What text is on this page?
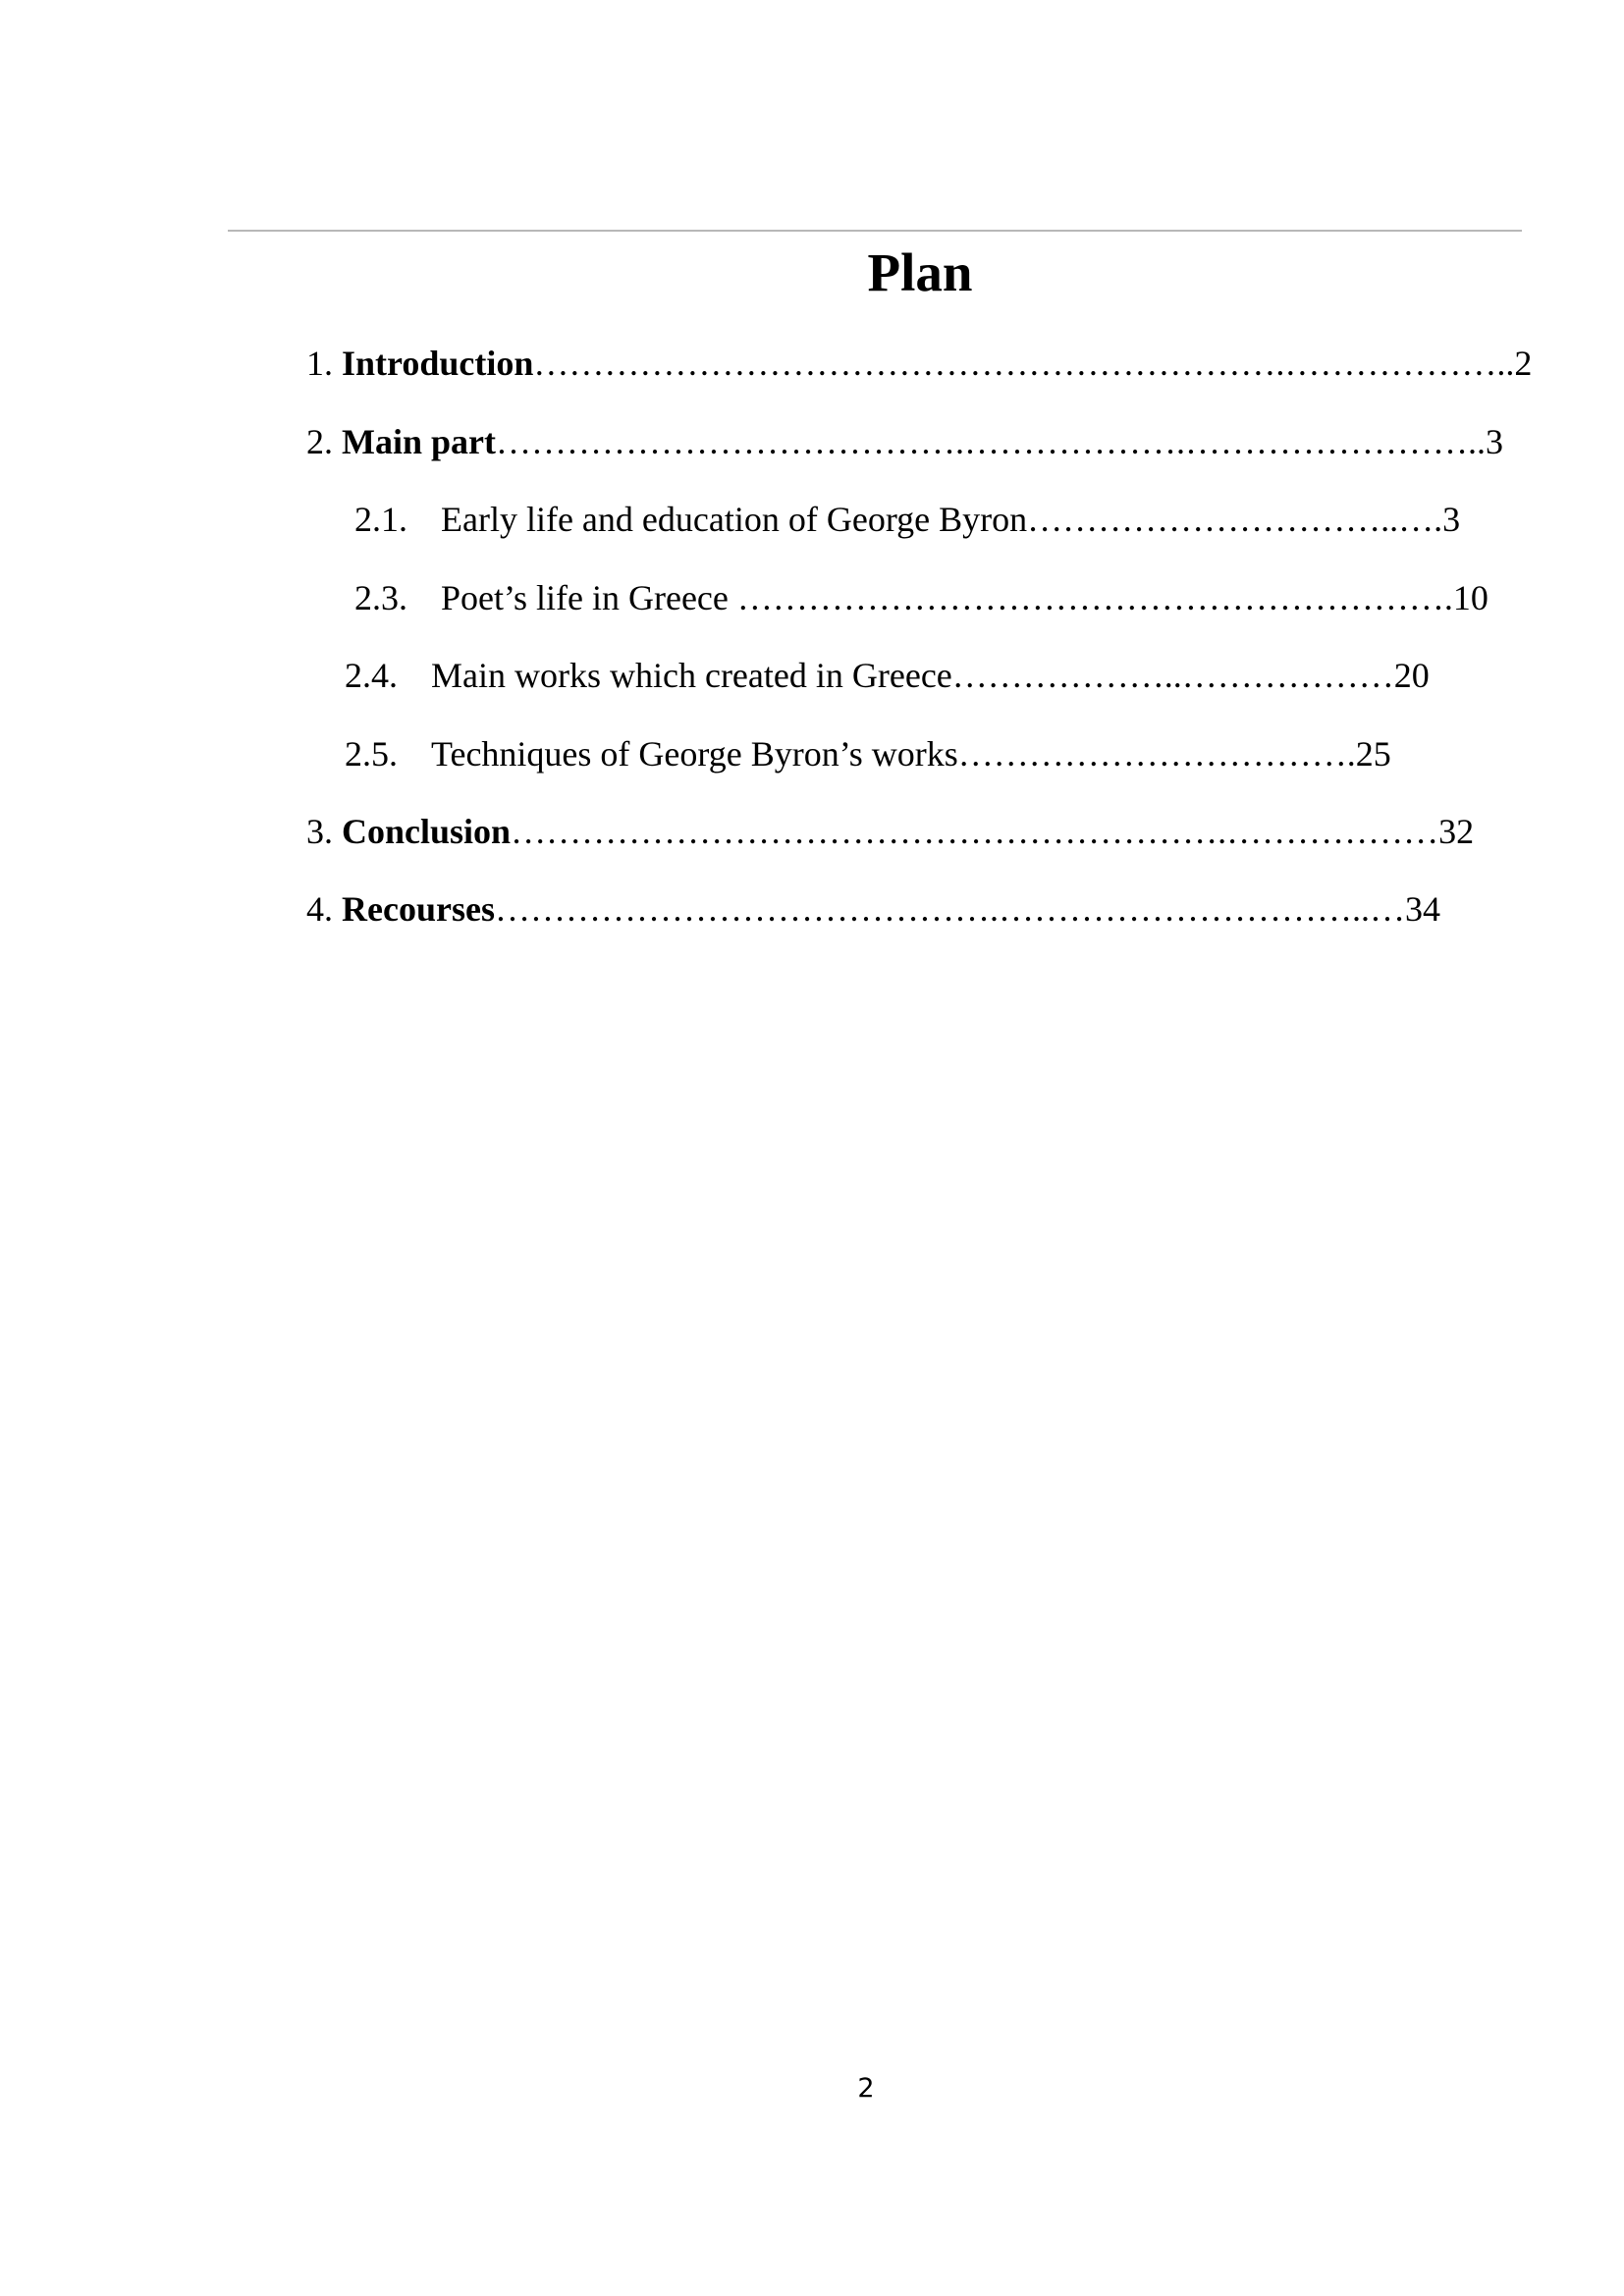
Plan
1. Introduction……………………………………………………….………………..2
2. Main part………………………………….……………….……………………..3
2.1. Early life and education of George Byron…………………………..….3
2.3. Poet’s life in Greece …………………………………………………….10
2.4. Main works which created in Greece………………..………………20
2.5. Techniques of George Byron’s works…………………………….25
3. Conclusion…………………………………………………….………………32
4. Recourses…………………………………….…………………………..…34
2
